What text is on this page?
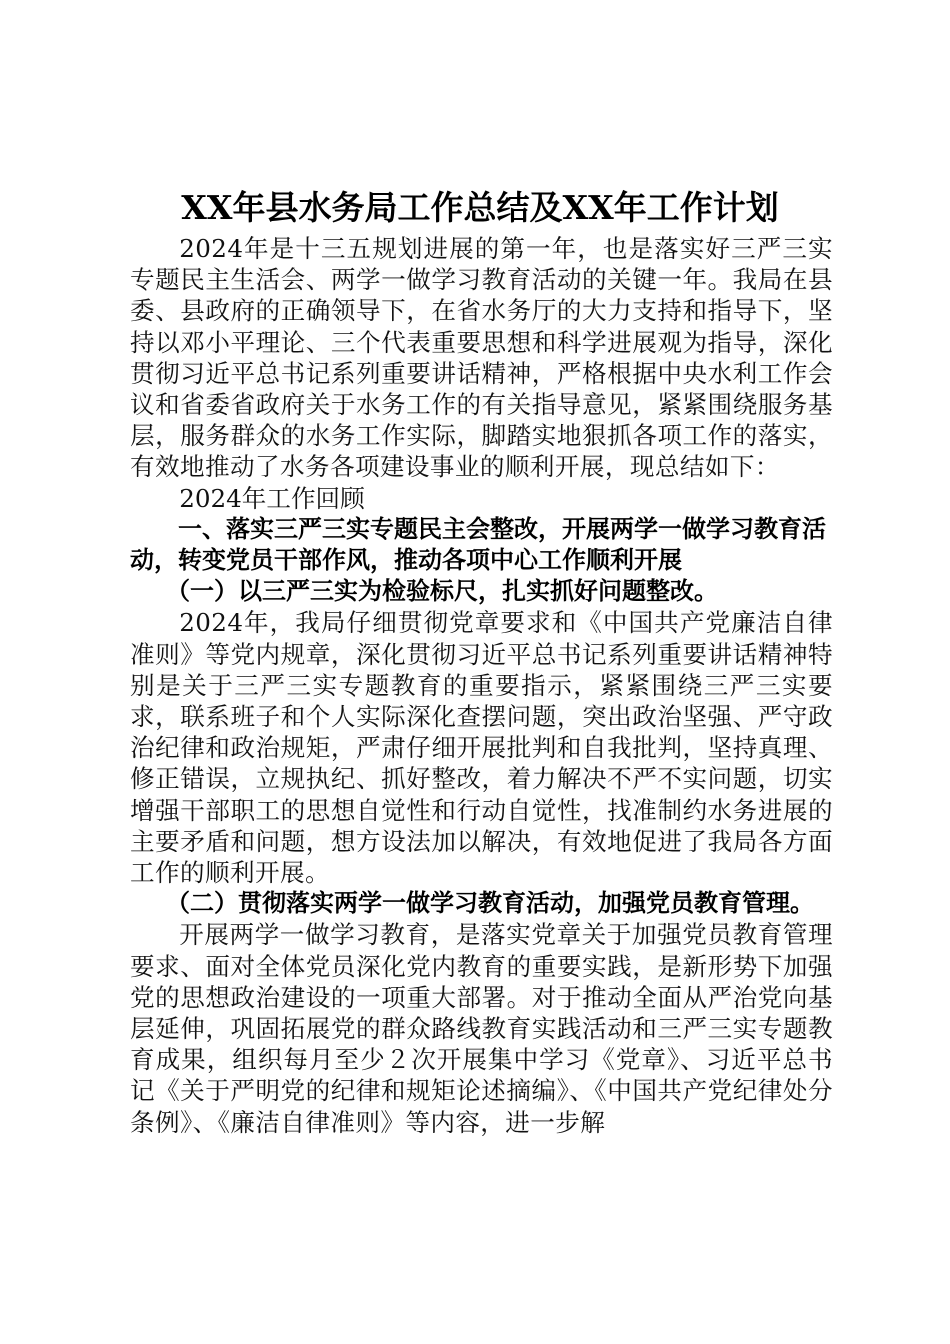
XX年县水务局工作总结及XX年工作计划

2024年是十三五规划进展的第一年，也是落实好三严三实专题民主生活会、两学一做学习教育活动的关键一年。我局在县委、县政府的正确领导下，在省水务厅的大力支持和指导下，坚持以邓小平理论、三个代表重要思想和科学进展观为指导，深化贯彻习近平总书记系列重要讲话精神，严格根据中央水利工作会议和省委省政府关于水务工作的有关指导意见，紧紧围绕服务基层，服务群众的水务工作实际，脚踏实地狠抓各项工作的落实，有效地推动了水务各项建设事业的顺利开展，现总结如下：

2024年工作回顾

一、落实三严三实专题民主会整改，开展两学一做学习教育活动，转变党员干部作风，推动各项中心工作顺利开展

（一）以三严三实为检验标尺，扎实抓好问题整改。

2024年，我局仔细贯彻党章要求和《中国共产党廉洁自律准则》等党内规章，深化贯彻习近平总书记系列重要讲话精神特别是关于三严三实专题教育的重要指示，紧紧围绕三严三实要求，联系班子和个人实际深化查摆问题，突出政治坚强、严守政治纪律和政治规矩，严肃仔细开展批判和自我批判，坚持真理、修正错误，立规执纪、抓好整改，着力解决不严不实问题，切实增强干部职工的思想自觉性和行动自觉性，找准制约水务进展的主要矛盾和问题，想方设法加以解决，有效地促进了我局各方面工作的顺利开展。

（二）贯彻落实两学一做学习教育活动，加强党员教育管理。

开展两学一做学习教育，是落实党章关于加强党员教育管理要求、面对全体党员深化党内教育的重要实践，是新形势下加强党的思想政治建设的一项重大部署。对于推动全面从严治党向基层延伸，巩固拓展党的群众路线教育实践活动和三严三实专题教育成果，组织每月至少２次开展集中学习《党章》、习近平总书记《关于严明党的纪律和规矩论述摘编》、《中国共产党纪律处分条例》、《廉洁自律准则》等内容，进一步解
